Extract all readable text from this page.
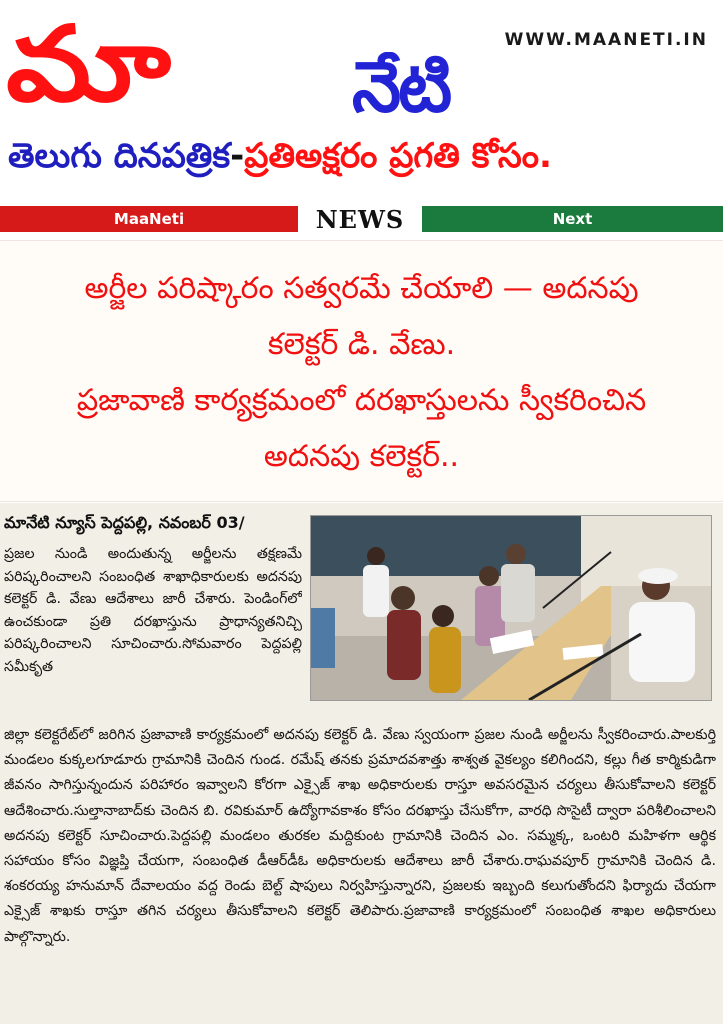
మా	WWW.MAANETI.IN
నేటి
తెలుగు దినపత్రిక-ప్రతిఅక్షరం ప్రగతి కోసం.
MaaNeti	NEWS	Next

అర్జీల పరిష్కారం సత్వరమే చేయాలి — అదనపు

కలెక్టర్ డి. వేణు.

ప్రజావాణి కార్యక్రమంలో దరఖాస్తులను స్వీకరించిన

అదనపు కలెక్టర్..

మానేటి న్యూస్ పెద్దపల్లి, నవంబర్ 03/
ప్రజల నుండి అందుతున్న అర్జీలను తక్షణమే పరిష్కరించాలని సంబంధిత శాఖాధికారులకు అదనపు కలెక్టర్ డి. వేణు ఆదేశాలు జారీ చేశారు. పెండింగ్‌లో ఉంచకుండా ప్రతి దరఖాస్తును ప్రాధాన్యతనిచ్చి పరిష్కరించాలని సూచించారు.సోమవారం పెద్దపల్లి సమీకృత
జిల్లా కలెక్టరేట్‌లో జరిగిన ప్రజావాణి కార్యక్రమంలో అదనపు కలెక్టర్ డి. వేణు స్వయంగా ప్రజల నుండి అర్జీలను స్వీకరించారు.పాలకుర్తి మండలం కుక్కలగూడూరు గ్రామానికి చెందిన గుండ. రమేష్ తనకు ప్రమాదవశాత్తు శాశ్వత వైకల్యం కలిగిందని, కల్లు గీత కార్మికుడిగా జీవనం సాగిస్తున్నందున పరిహారం ఇవ్వాలని కోరగా ఎక్సైజ్ శాఖ అధికారులకు రాస్తూ అవసరమైన చర్యలు తీసుకోవాలని కలెక్టర్ ఆదేశించారు.సుల్తానాబాద్‌కు చెందిన బి. రవికుమార్ ఉద్యోగావకాశం కోసం దరఖాస్తు చేసుకోగా, వారధి సొసైటీ ద్వారా పరిశీలించాలని అదనపు కలెక్టర్ సూచించారు.పెద్దపల్లి మండలం తురకల మద్దికుంట గ్రామానికి చెందిన ఎం. సమ్మక్క, ఒంటరి మహిళగా ఆర్థిక సహాయం కోసం విజ్ఞప్తి చేయగా, సంబంధిత డీఆర్‌డీఓ అధికారులకు ఆదేశాలు జారీ చేశారు.రాఘవపూర్ గ్రామానికి చెందిన డి. శంకరయ్య హనుమాన్ దేవాలయం వద్ద రెండు బెల్ట్ షాపులు నిర్వహిస్తున్నారని, ప్రజలకు ఇబ్బంది కలుగుతోందని ఫిర్యాదు చేయగా ఎక్సైజ్ శాఖకు రాస్తూ తగిన చర్యలు తీసుకోవాలని కలెక్టర్ తెలిపారు.ప్రజావాణి కార్యక్రమంలో సంబంధిత శాఖల అధికారులు పాల్గొన్నారు.
